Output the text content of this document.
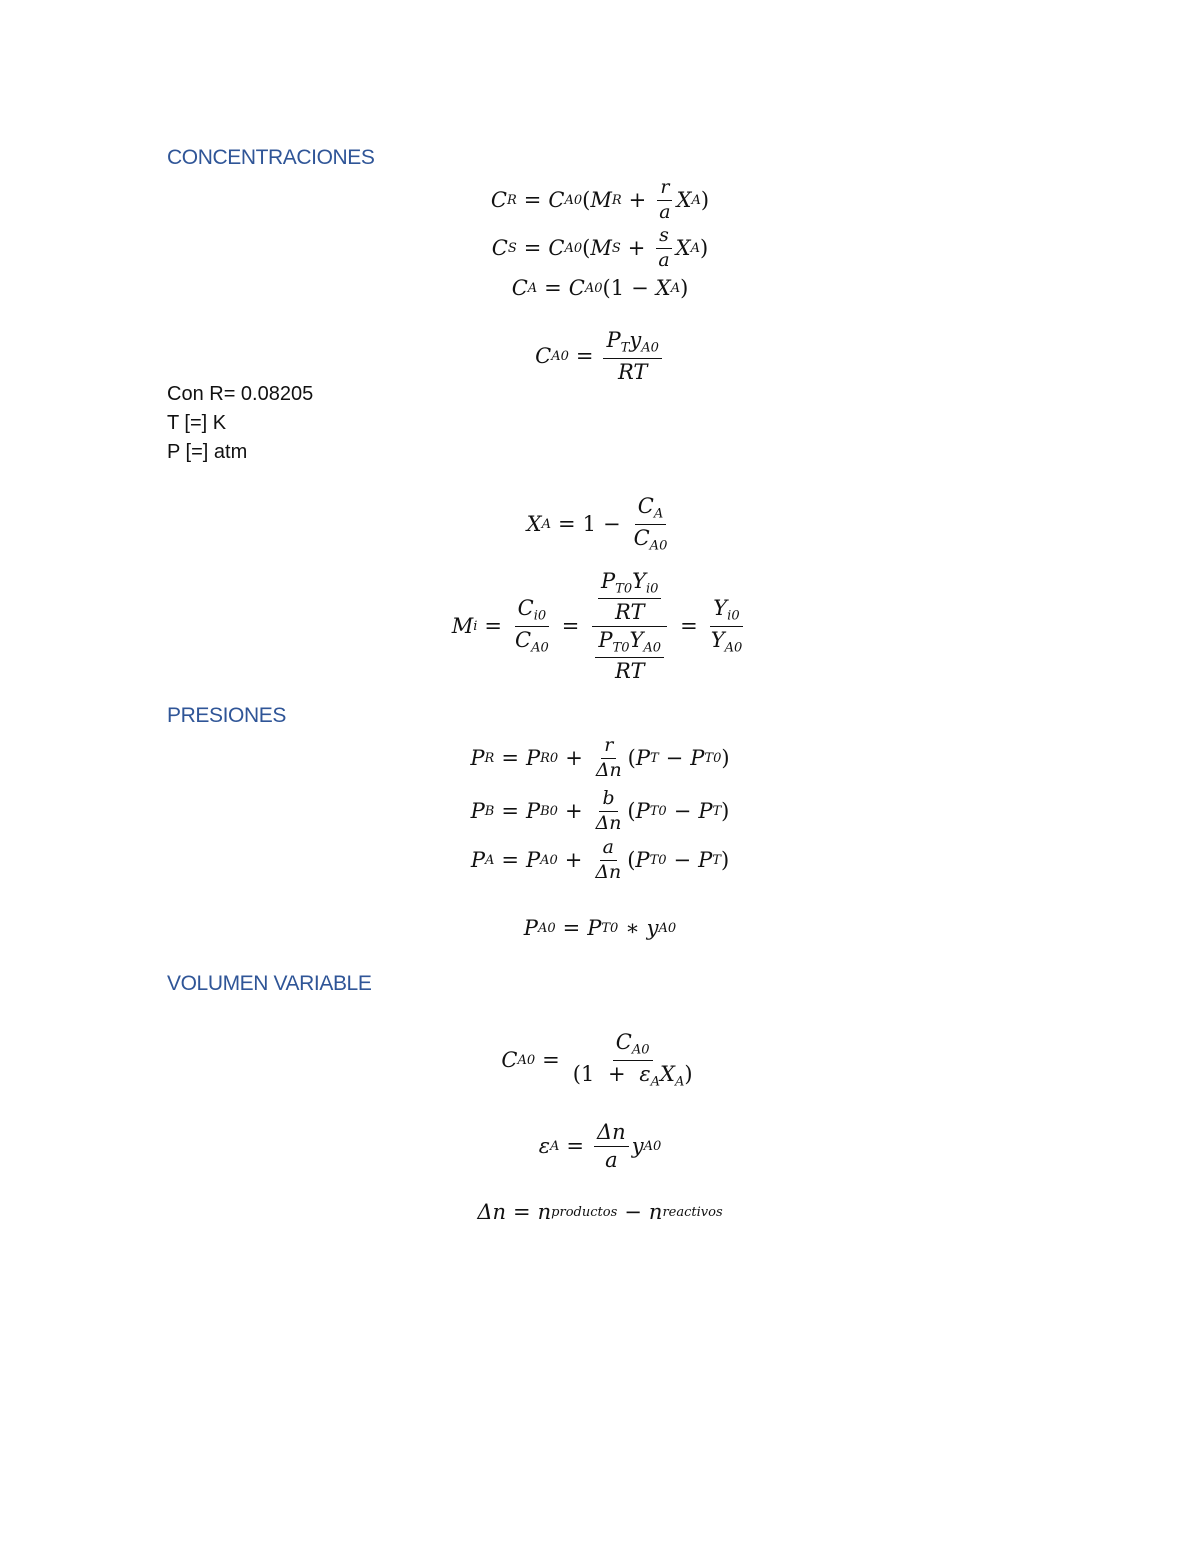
CONCENTRACIONES
PRESIONES
VOLUMEN VARIABLE
Con R= 0.08205
T [=] K
P [=] atm
C R = C A0 ( M $R + \frac{r}{a}$ X A )
C S = C A0 ( M $S + \frac{s}{a}$ X A )
C A = C A0 ( 1 − X A )
C $A0 = \frac{P_Ty_{A0}}{RT}$
X $A = 1 - \frac{C_A}{C_{A0}}$
M $i = \frac{C_{i0}}{C_{A0}} = \frac{\frac{P_{T0}Y_{i0}}{RT}}{\frac{P_{T0}Y_{A0}}{RT}} = \frac{Y_{i0}}{Y_{A0}}$
P R = P $R0 + \frac{r}{\Delta n}$ ( P T − P T0 )
P B = P $B0 + \frac{b}{\Delta n}$ ( P T0 − P T )
P A = P $A0 + \frac{a}{\Delta n}$ ( P T0 − P T )
P A0 = P T0 ∗ y A0
C $A0 = \frac{C_{A0}}{(1 + \varepsilon_AX_A)}$
ε $A = \frac{\Delta n}{a}$ y A0
Δn = n productos − n reactivos
